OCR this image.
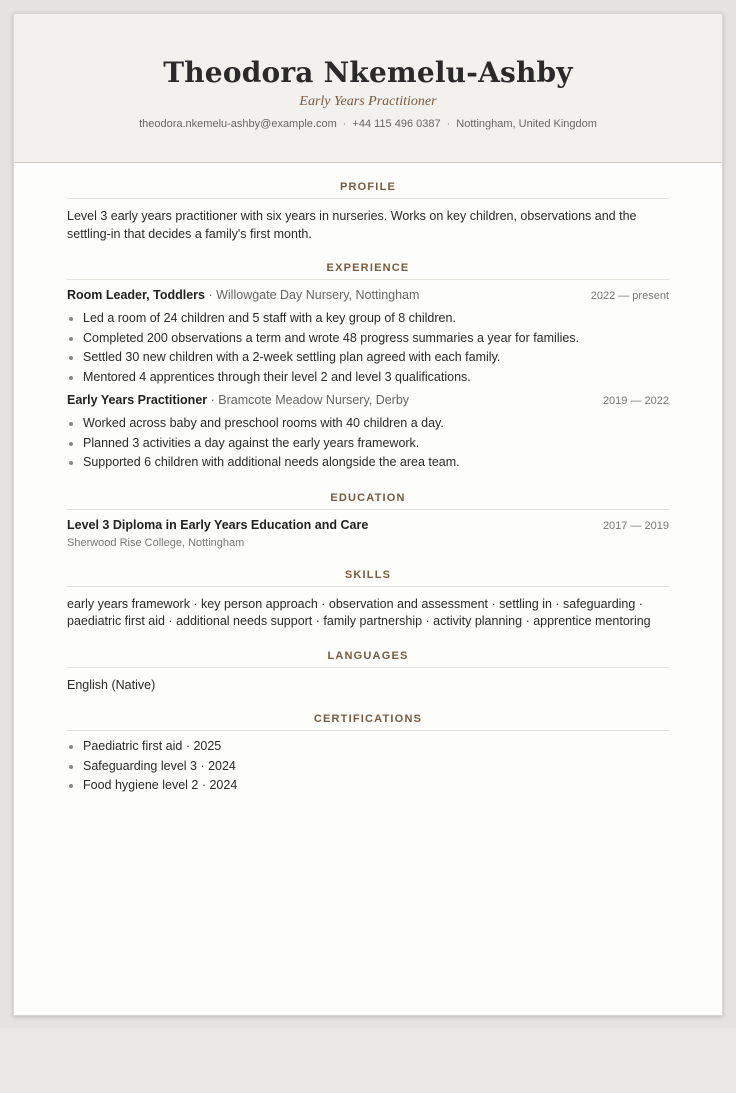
Theodora Nkemelu-Ashby
Early Years Practitioner
theodora.nkemelu-ashby@example.com · +44 115 496 0387 · Nottingham, United Kingdom
PROFILE
Level 3 early years practitioner with six years in nurseries. Works on key children, observations and the settling-in that decides a family's first month.
EXPERIENCE
Room Leader, Toddlers · Willowgate Day Nursery, Nottingham	2022 — present
Led a room of 24 children and 5 staff with a key group of 8 children.
Completed 200 observations a term and wrote 48 progress summaries a year for families.
Settled 30 new children with a 2-week settling plan agreed with each family.
Mentored 4 apprentices through their level 2 and level 3 qualifications.
Early Years Practitioner · Bramcote Meadow Nursery, Derby	2019 — 2022
Worked across baby and preschool rooms with 40 children a day.
Planned 3 activities a day against the early years framework.
Supported 6 children with additional needs alongside the area team.
EDUCATION
Level 3 Diploma in Early Years Education and Care	2017 — 2019
Sherwood Rise College, Nottingham
SKILLS
early years framework · key person approach · observation and assessment · settling in · safeguarding · paediatric first aid · additional needs support · family partnership · activity planning · apprentice mentoring
LANGUAGES
English (Native)
CERTIFICATIONS
Paediatric first aid · 2025
Safeguarding level 3 · 2024
Food hygiene level 2 · 2024
